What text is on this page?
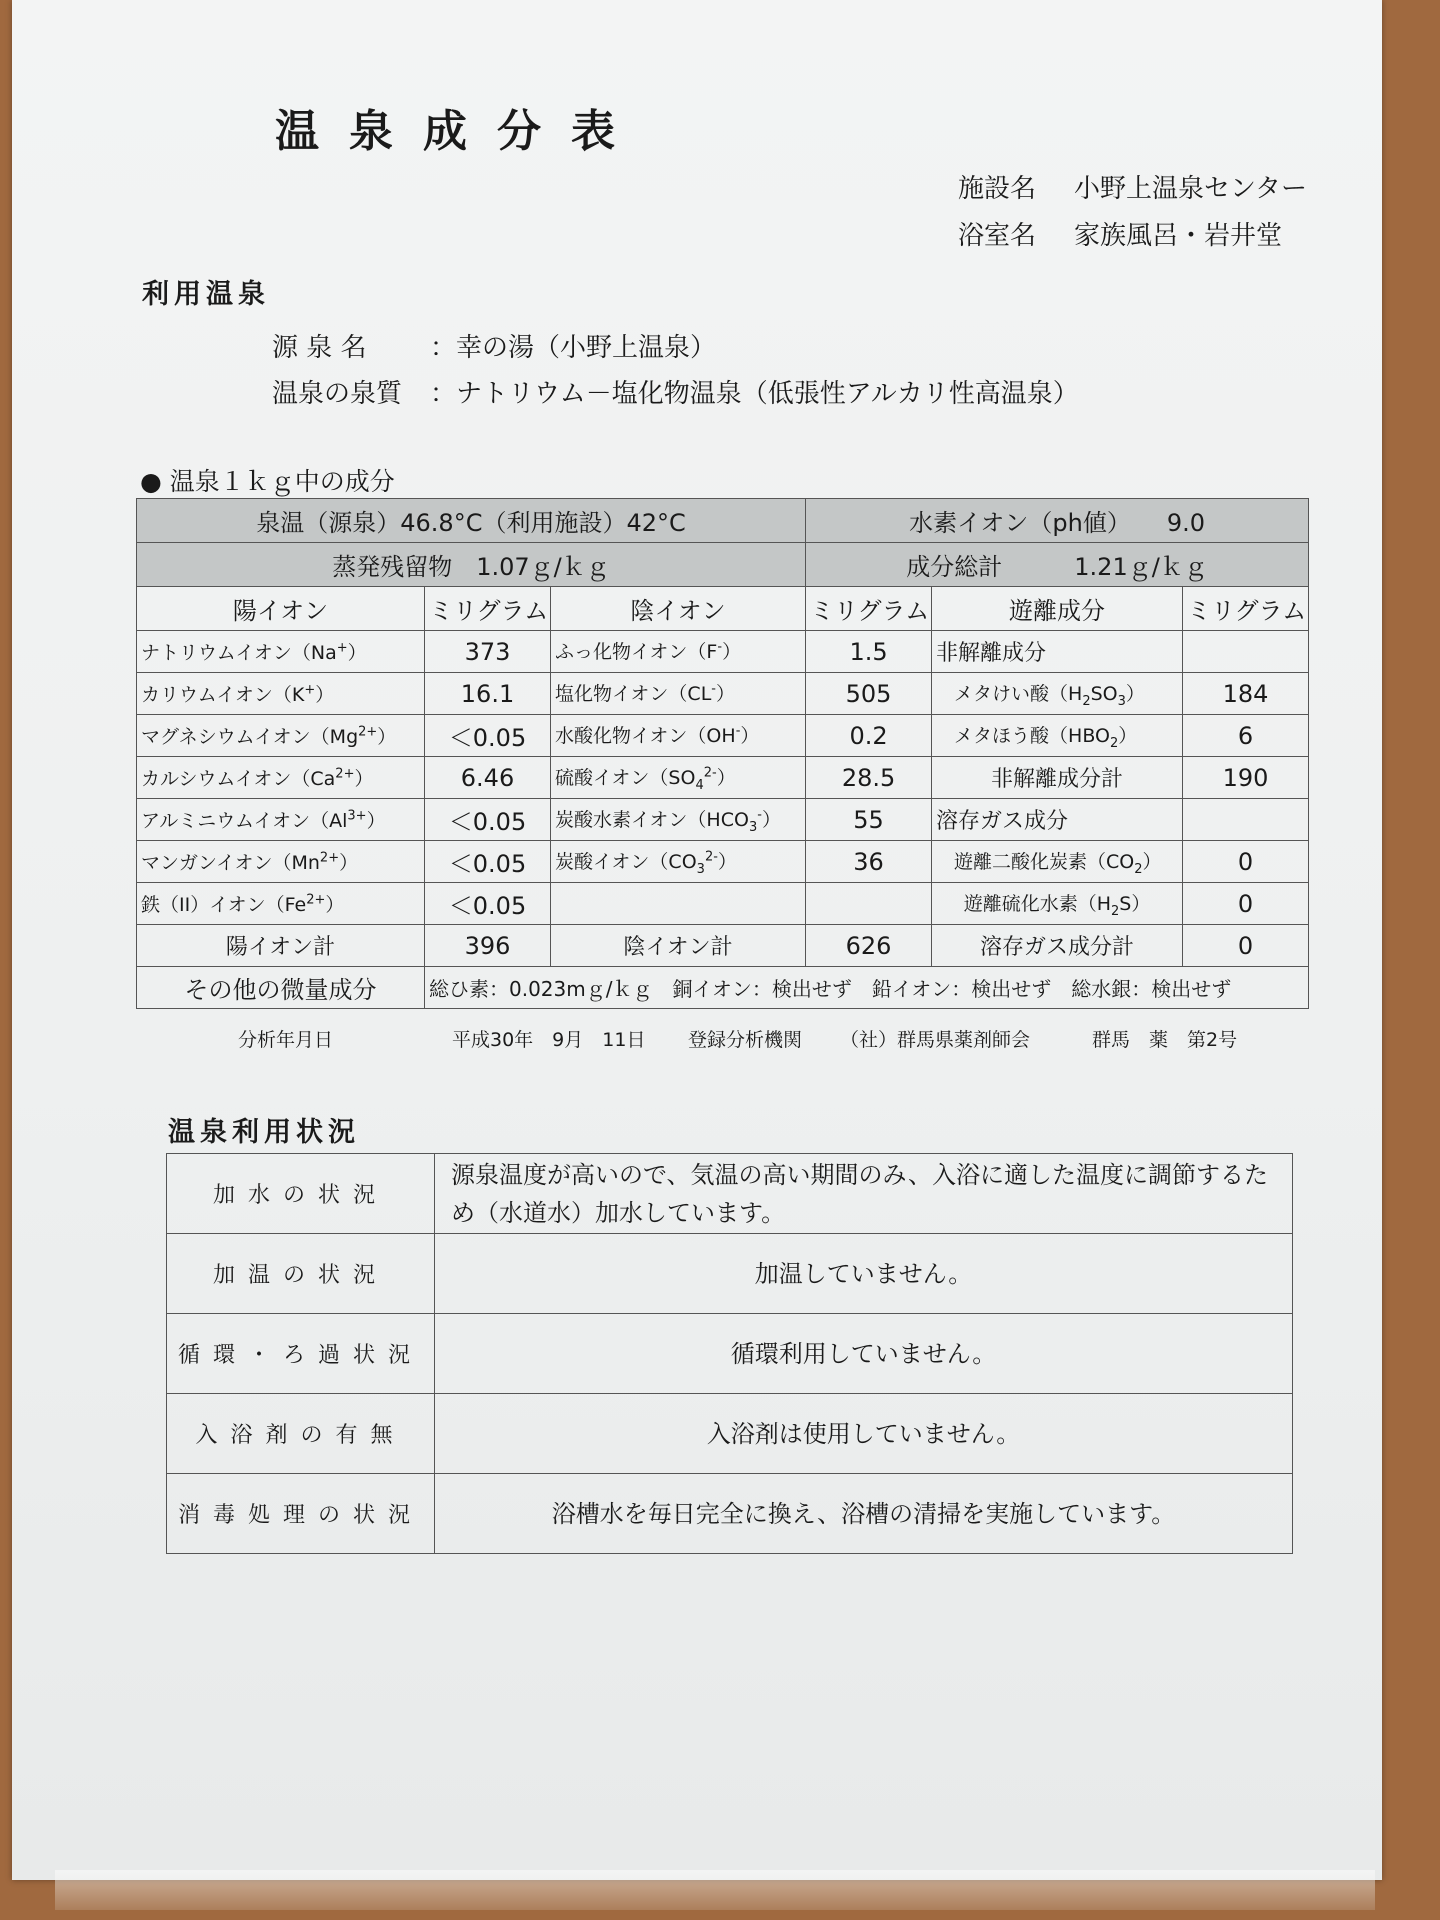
温泉成分表
施設名 小野上温泉センター
浴室名 家族風呂・岩井堂
利用温泉
源 泉 名 ：幸の湯（小野上温泉）
温泉の泉質 ：ナトリウム－塩化物温泉（低張性アルカリ性高温泉）
● 温泉１ｋｇ中の成分
泉温（源泉）46.8°C（利用施設）42°C			水素イオン（ph値）　　9.0		
蒸発残留物　1.07ｇ/ｋｇ			成分総計　　　1.21ｇ/ｋｇ		
陽イオン	ミリグラム	陰イオン	ミリグラム	遊離成分	ミリグラム
ナトリウムイオン（Na+）	373	ふっ化物イオン（F-）	1.5	非解離成分	
カリウムイオン（K+）	16.1	塩化物イオン（CL-）	505	メタけい酸$(H_2SO_3)$	184
マグネシウムイオン$(Mg^{2+})$	＜0.05	水酸化物イオン（OH-）	0.2	メタほう酸$(HBO_2)$	6
カルシウムイオン$(Ca^{2+})$	6.46	硫酸イオン$(SO_4^{2-})$	28.5	非解離成分計	190
アルミニウムイオン$(Al^{3+})$	＜0.05	炭酸水素イオン$(HCO_3^-)$	55	溶存ガス成分	
マンガンイオン$(Mn^{2+})$	＜0.05	炭酸イオン$(CO_3^{2-})$	36	遊離二酸化炭素$(CO_2)$	0
鉄（II）イオン$(Fe^{2+})$	＜0.05			遊離硫化水素$(H_2S)$	0
陽イオン計	396	陰イオン計	626	溶存ガス成分計	0
その他の微量成分	総ひ素：0.023mｇ/ｋｇ　銅イオン：検出せず　鉛イオン：検出せず　総水銀：検出せず				
分析年月日	平成30年　9月　11日 登録分析機関 （社）群馬県薬剤師会	群馬　薬　第2号
温泉利用状況
加水の状況	源泉温度が高いので、気温の高い期間のみ、入浴に適した温度に調節するため（水道水）加水しています。
加温の状況	加温していません。
循環・ろ過状況	循環利用していません。
入浴剤の有無	入浴剤は使用していません。
消毒処理の状況	浴槽水を毎日完全に換え、浴槽の清掃を実施しています。
